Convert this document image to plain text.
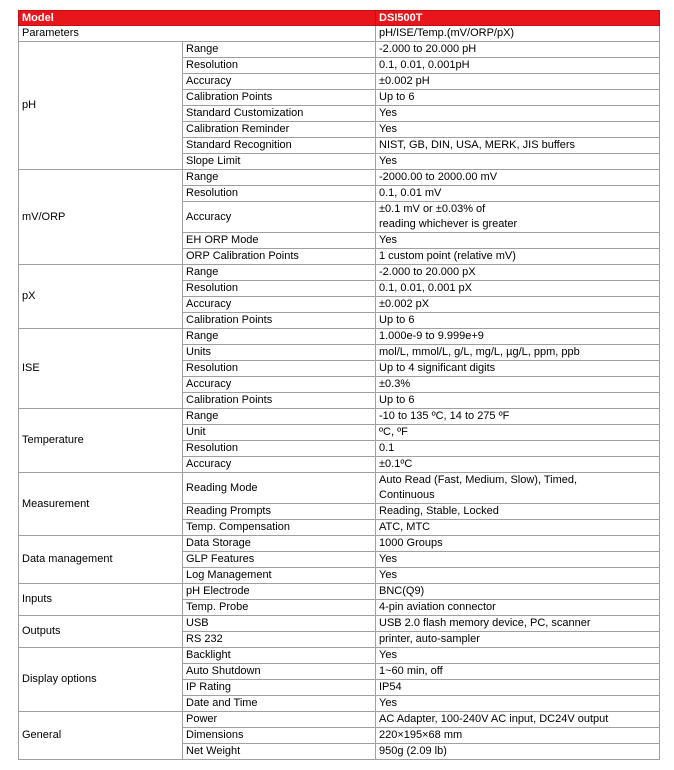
Model		DSI500T
Parameters		pH/ISE/Temp.(mV/ORP/pX)
pH	Range	-2.000 to 20.000 pH
	Resolution	0.1, 0.01, 0.001pH
	Accuracy	±0.002 pH
	Calibration Points	Up to 6
	Standard Customization	Yes
	Calibration Reminder	Yes
	Standard Recognition	NIST, GB, DIN, USA, MERK, JIS buffers
	Slope Limit	Yes
mV/ORP	Range	-2000.00 to 2000.00 mV
	Resolution	0.1, 0.01 mV
	Accuracy	±0.1 mV or ±0.03% of
reading whichever is greater

	EH ORP Mode	Yes
	ORP Calibration Points	1 custom point (relative mV)
pX	Range	-2.000 to 20.000 pX
	Resolution	0.1, 0.01, 0.001 pX
	Accuracy	±0.002 pX
	Calibration Points	Up to 6
ISE	Range	1.000e-9 to 9.999e+9
	Units	mol/L, mmol/L, g/L, mg/L, µg/L, ppm, ppb
	Resolution	Up to 4 significant digits
	Accuracy	±0.3%
	Calibration Points	Up to 6
Temperature	Range	-10 to 135 ºC, 14 to 275 ºF
	Unit	ºC, ºF
	Resolution	0.1
	Accuracy	±0.1ºC
Measurement	Reading Mode	Auto Read (Fast, Medium, Slow), Timed,
Continuous

	Reading Prompts	Reading, Stable, Locked
	Temp. Compensation	ATC, MTC
Data management	Data Storage	1000 Groups
	GLP Features	Yes
	Log Management	Yes
Inputs	pH Electrode	BNC(Q9)
	Temp. Probe	4-pin aviation connector
Outputs	USB	USB 2.0 flash memory device, PC, scanner
	RS 232	printer, auto-sampler
Display options	Backlight	Yes
	Auto Shutdown	1~60 min, off
	IP Rating	IP54
	Date and Time	Yes
General	Power	AC Adapter, 100-240V AC input, DC24V output
	Dimensions	220×195×68 mm
	Net Weight	950g (2.09 lb)
